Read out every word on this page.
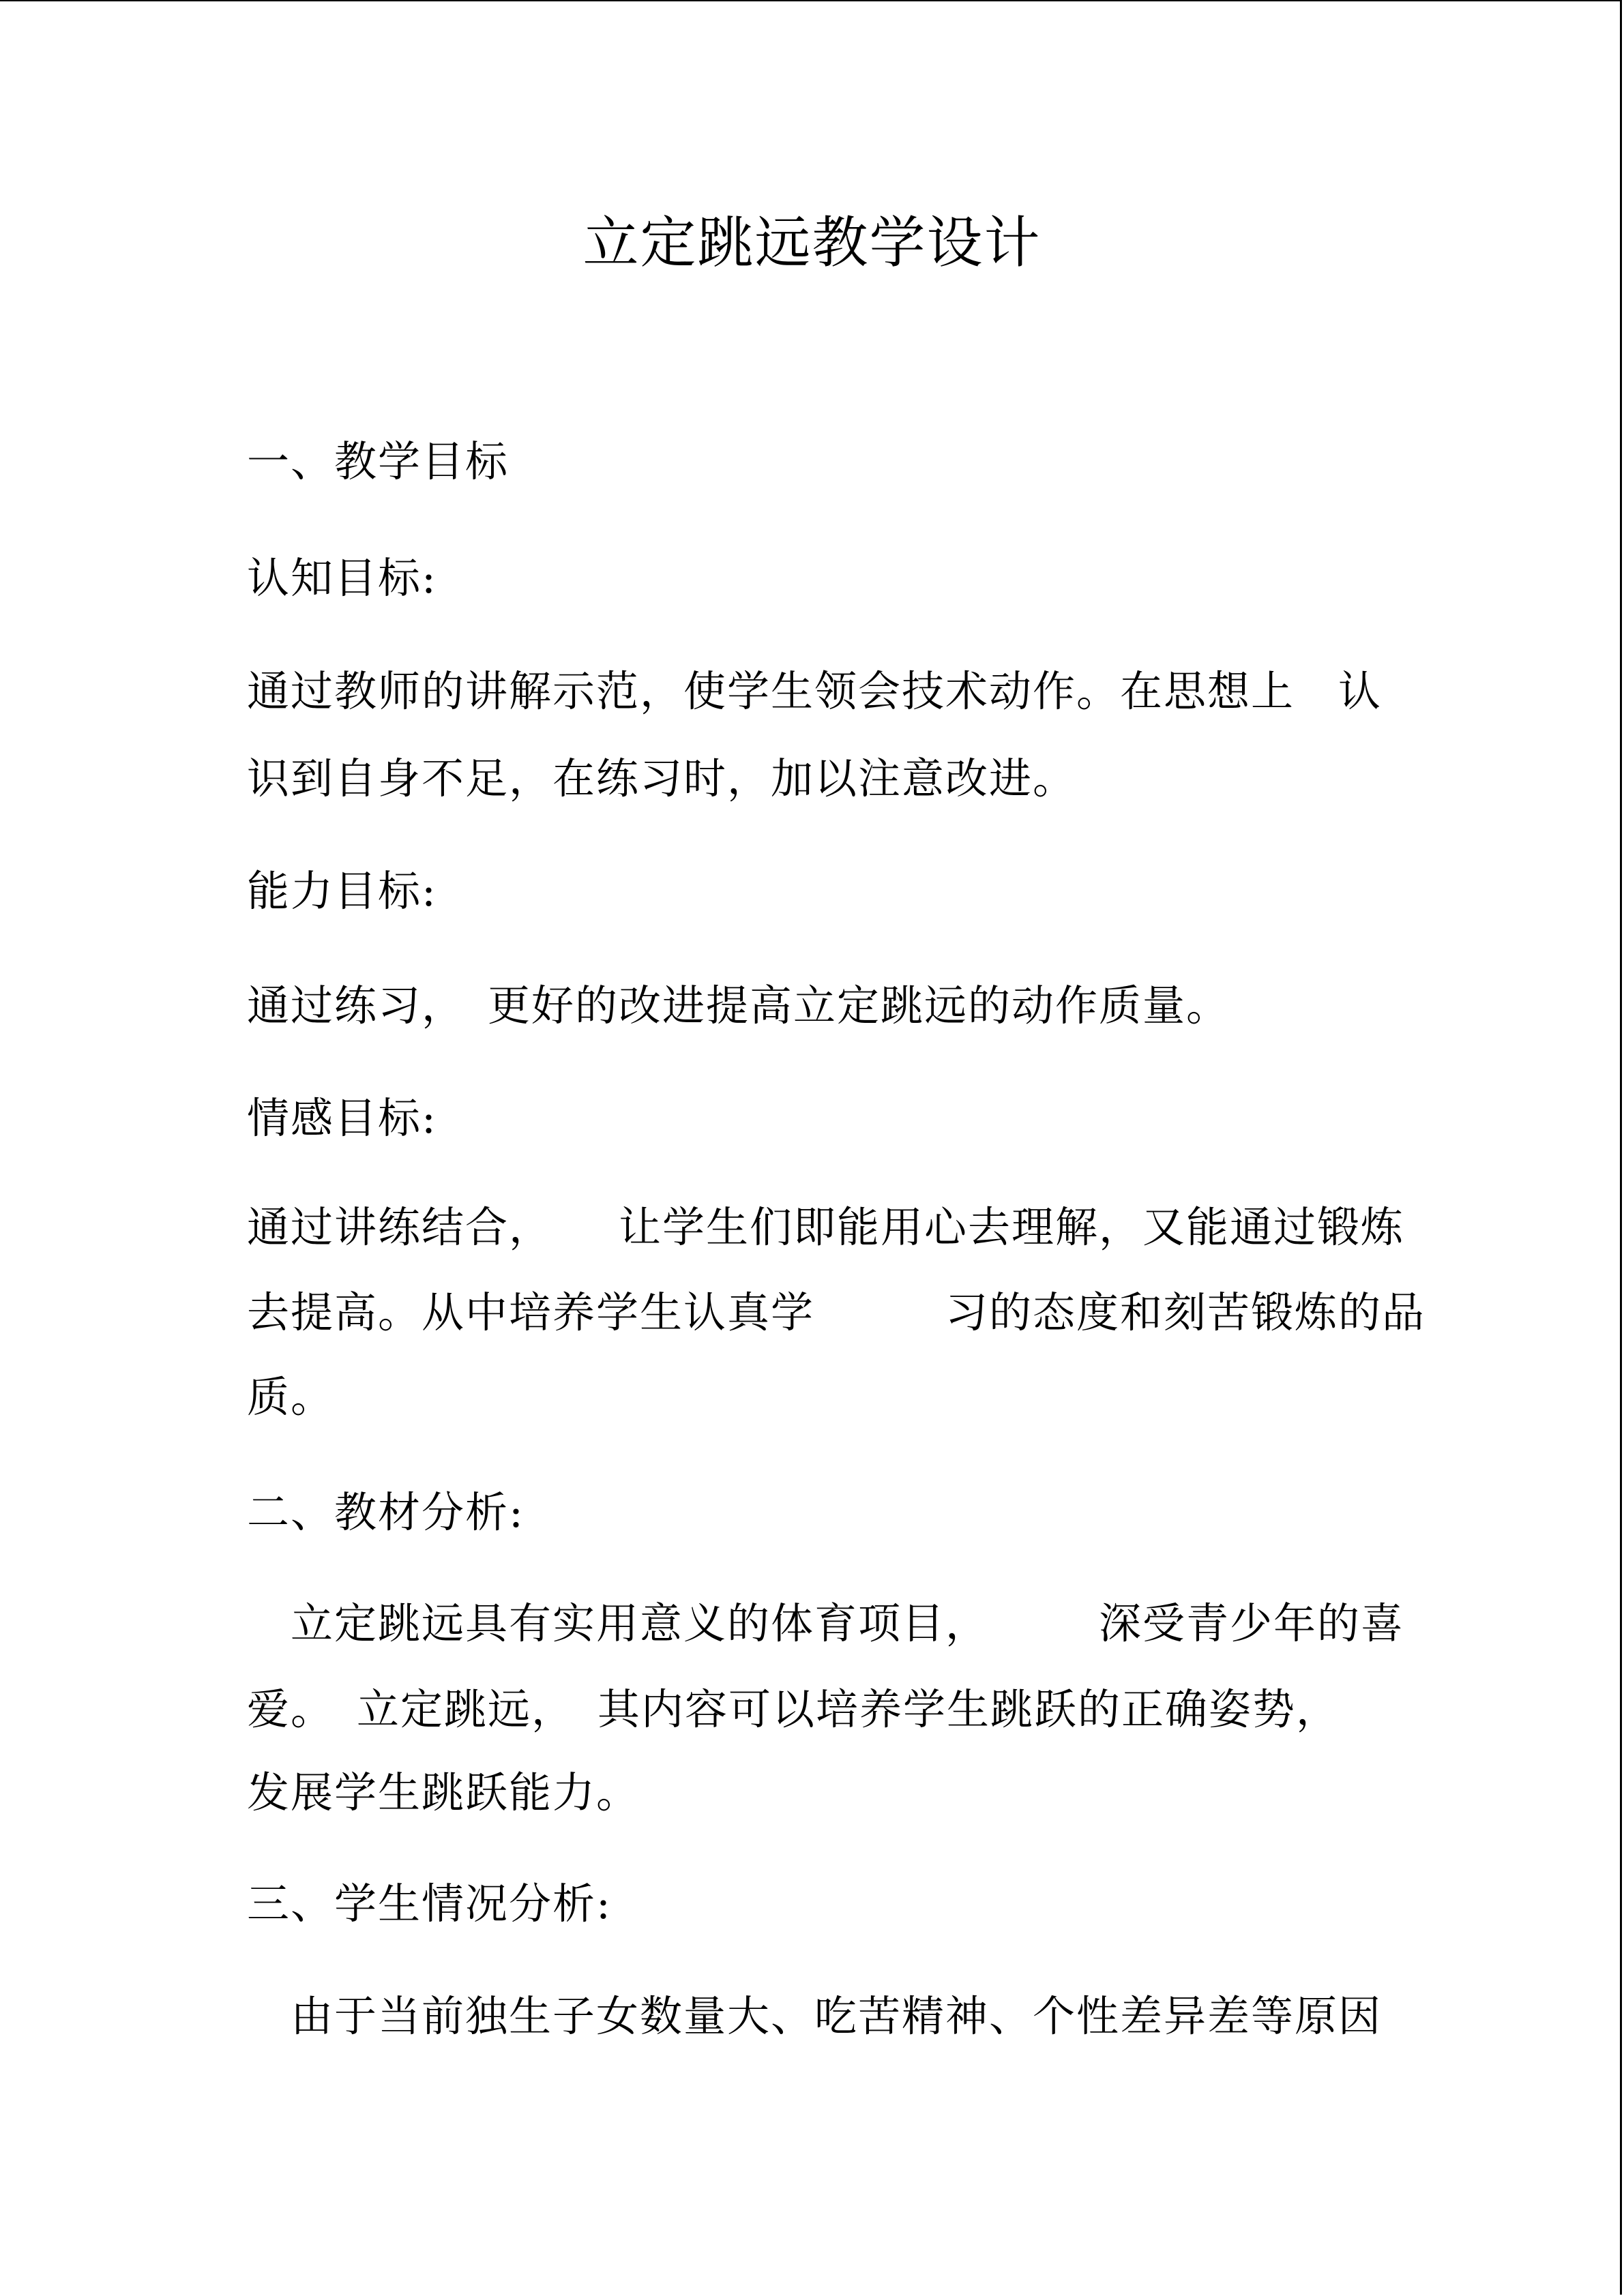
立定跳远教学设计
一、教学目标
认知目标:
通过教师的讲解示范，使学生领会技术动作。在思想上　认
识到自身不足，在练习时，加以注意改进。
能力目标:
通过练习，　更好的改进提高立定跳远的动作质量。
情感目标:
通过讲练结合，　　让学生们即能用心去理解，又能通过锻炼
去提高。从中培养学生认真学　　　习的态度和刻苦锻炼的品
质。
二、教材分析:
　立定跳远具有实用意义的体育项目，　　　深受青少年的喜
爱。　立定跳远，　其内容可以培养学生跳跃的正确姿势，
发展学生跳跃能力。
三、学生情况分析:
　由于当前独生子女数量大、吃苦精神、个性差异差等原因
